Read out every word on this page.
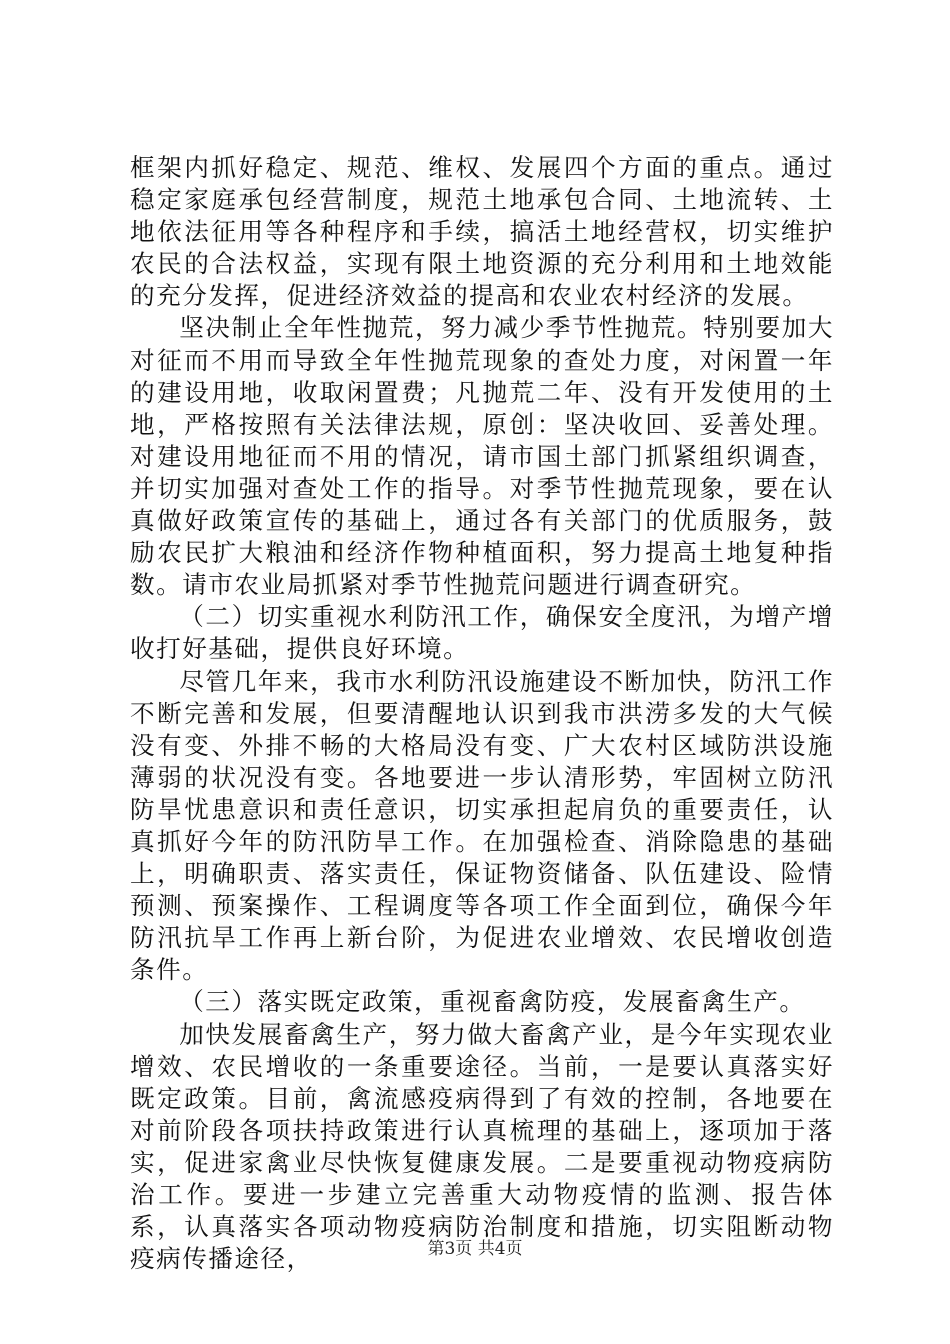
框架内抓好稳定、规范、维权、发展四个方面的重点。通过稳定家庭承包经营制度，规范土地承包合同、土地流转、土地依法征用等各种程序和手续，搞活土地经营权，切实维护农民的合法权益，实现有限土地资源的充分利用和土地效能的充分发挥，促进经济效益的提高和农业农村经济的发展。

坚决制止全年性抛荒，努力减少季节性抛荒。特别要加大对征而不用而导致全年性抛荒现象的查处力度，对闲置一年的建设用地，收取闲置费；凡抛荒二年、没有开发使用的土地，严格按照有关法律法规，原创：坚决收回、妥善处理。对建设用地征而不用的情况，请市国土部门抓紧组织调查，并切实加强对查处工作的指导。对季节性抛荒现象，要在认真做好政策宣传的基础上，通过各有关部门的优质服务，鼓励农民扩大粮油和经济作物种植面积，努力提高土地复种指数。请市农业局抓紧对季节性抛荒问题进行调查研究。

（二）切实重视水利防汛工作，确保安全度汛，为增产增收打好基础，提供良好环境。

尽管几年来，我市水利防汛设施建设不断加快，防汛工作不断完善和发展，但要清醒地认识到我市洪涝多发的大气候没有变、外排不畅的大格局没有变、广大农村区域防洪设施薄弱的状况没有变。各地要进一步认清形势，牢固树立防汛防旱忧患意识和责任意识，切实承担起肩负的重要责任，认真抓好今年的防汛防旱工作。在加强检查、消除隐患的基础上，明确职责、落实责任，保证物资储备、队伍建设、险情预测、预案操作、工程调度等各项工作全面到位，确保今年防汛抗旱工作再上新台阶，为促进农业增效、农民增收创造条件。

（三）落实既定政策，重视畜禽防疫，发展畜禽生产。

加快发展畜禽生产，努力做大畜禽产业，是今年实现农业增效、农民增收的一条重要途径。当前，一是要认真落实好既定政策。目前，禽流感疫病得到了有效的控制，各地要在对前阶段各项扶持政策进行认真梳理的基础上，逐项加于落实，促进家禽业尽快恢复健康发展。二是要重视动物疫病防治工作。要进一步建立完善重大动物疫情的监测、报告体系，认真落实各项动物疫病防治制度和措施，切实阻断动物疫病传播途径，	第3页 共4页
